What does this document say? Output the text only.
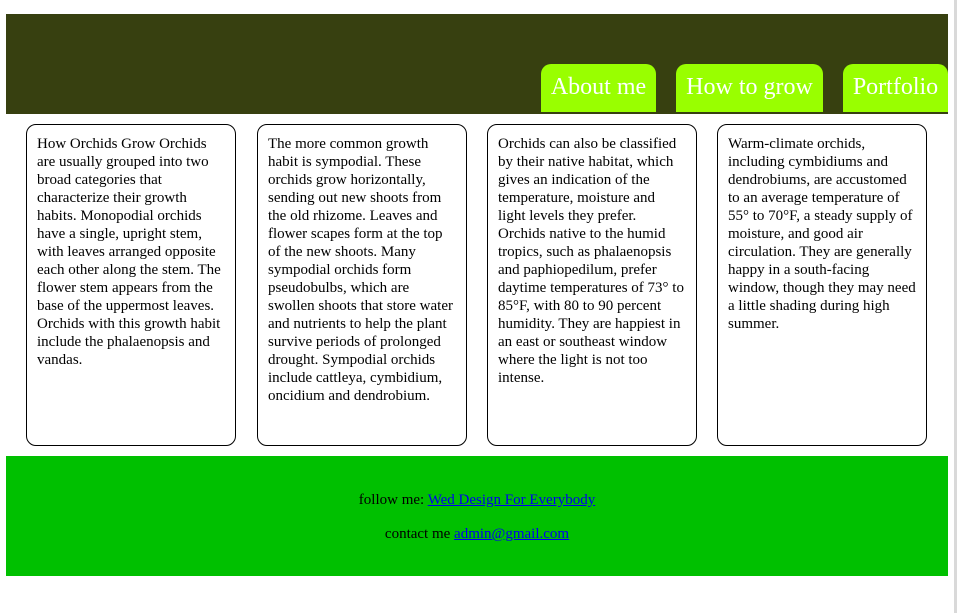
About me	How to grow	Portfolio
How Orchids Grow Orchids are usually grouped into two broad categories that characterize their growth habits. Monopodial orchids have a single, upright stem, with leaves arranged opposite each other along the stem. The flower stem appears from the base of the uppermost leaves. Orchids with this growth habit include the phalaenopsis and vandas.
The more common growth habit is sympodial. These orchids grow horizontally, sending out new shoots from the old rhizome. Leaves and flower scapes form at the top of the new shoots. Many sympodial orchids form pseudobulbs, which are swollen shoots that store water and nutrients to help the plant survive periods of prolonged drought. Sympodial orchids include cattleya, cymbidium, oncidium and dendrobium.
Orchids can also be classified by their native habitat, which gives an indication of the temperature, moisture and light levels they prefer. Orchids native to the humid tropics, such as phalaenopsis and paphiopedilum, prefer daytime temperatures of 73° to 85°F, with 80 to 90 percent humidity. They are happiest in an east or southeast window where the light is not too intense.
Warm-climate orchids, including cymbidiums and dendrobiums, are accustomed to an average temperature of 55° to 70°F, a steady supply of moisture, and good air circulation. They are generally happy in a south-facing window, though they may need a little shading during high summer.
follow me: Wed Design For Everybody
contact me admin@gmail.com
